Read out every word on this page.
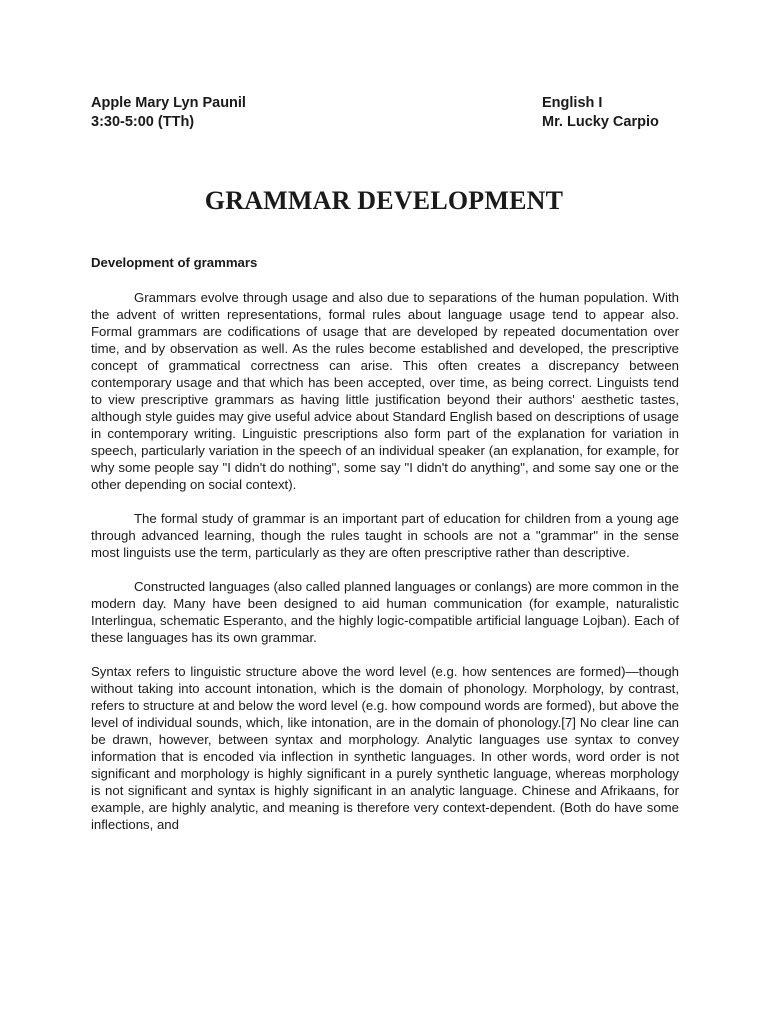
Apple Mary Lyn Paunil
3:30-5:00 (TTh)
English I
Mr. Lucky Carpio
GRAMMAR DEVELOPMENT

Development of grammars

Grammars evolve through usage and also due to separations of the human population. With the advent of written representations, formal rules about language usage tend to appear also. Formal grammars are codifications of usage that are developed by repeated documentation over time, and by observation as well. As the rules become established and developed, the prescriptive concept of grammatical correctness can arise. This often creates a discrepancy between contemporary usage and that which has been accepted, over time, as being correct. Linguists tend to view prescriptive grammars as having little justification beyond their authors' aesthetic tastes, although style guides may give useful advice about Standard English based on descriptions of usage in contemporary writing. Linguistic prescriptions also form part of the explanation for variation in speech, particularly variation in the speech of an individual speaker (an explanation, for example, for why some people say "I didn't do nothing", some say "I didn't do anything", and some say one or the other depending on social context).

The formal study of grammar is an important part of education for children from a young age through advanced learning, though the rules taught in schools are not a "grammar" in the sense most linguists use the term, particularly as they are often prescriptive rather than descriptive.

Constructed languages (also called planned languages or conlangs) are more common in the modern day. Many have been designed to aid human communication (for example, naturalistic Interlingua, schematic Esperanto, and the highly logic-compatible artificial language Lojban). Each of these languages has its own grammar.

Syntax refers to linguistic structure above the word level (e.g. how sentences are formed)—though without taking into account intonation, which is the domain of phonology. Morphology, by contrast, refers to structure at and below the word level (e.g. how compound words are formed), but above the level of individual sounds, which, like intonation, are in the domain of phonology.[7] No clear line can be drawn, however, between syntax and morphology. Analytic languages use syntax to convey information that is encoded via inflection in synthetic languages. In other words, word order is not significant and morphology is highly significant in a purely synthetic language, whereas morphology is not significant and syntax is highly significant in an analytic language. Chinese and Afrikaans, for example, are highly analytic, and meaning is therefore very context-dependent. (Both do have some inflections, and
